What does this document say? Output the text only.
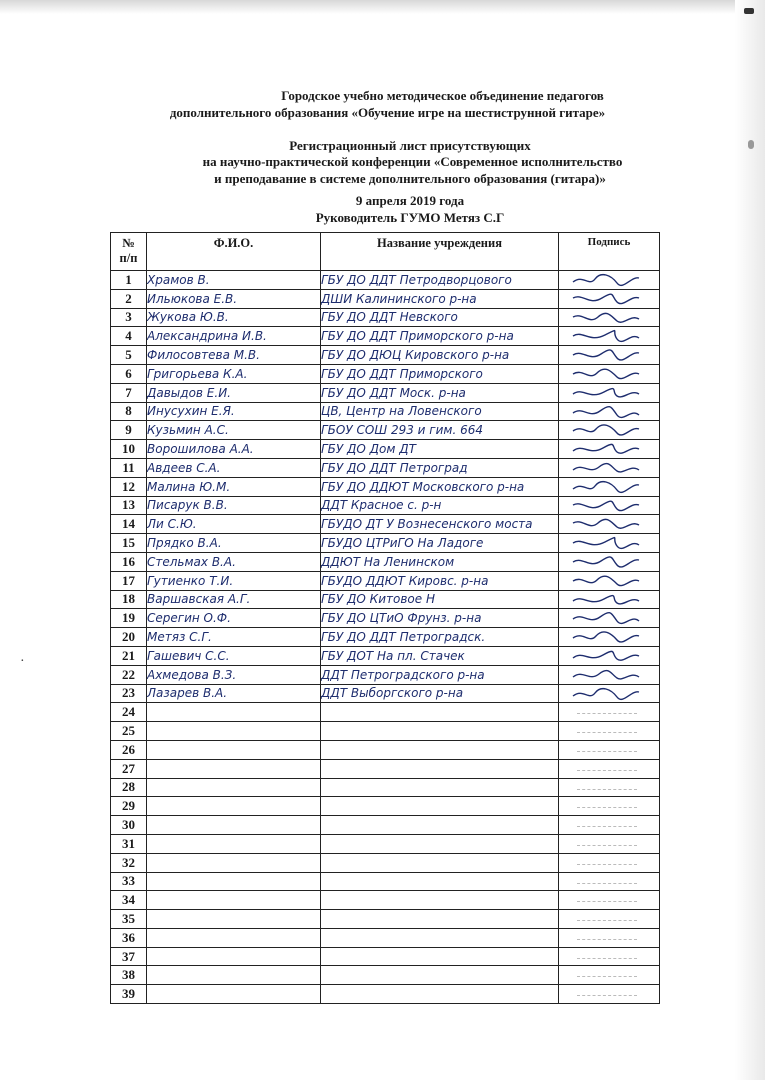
·
Городское учебно методическое объединение педагогов
дополнительного образования «Обучение игре на шестиструнной гитаре»
Регистрационный лист присутствующих
на научно-практической конференции «Современное исполнительство
и преподавание в системе дополнительного образования (гитара)»
9 апреля 2019 года
Руководитель ГУМО Метяз С.Г
№
п/п	Ф.И.О.	Название учреждения	Подпись
1	Храмов В.	ГБУ ДО ДДТ Петродворцового	

2	Ильюкова Е.В.	ДШИ Калининского р-на	

3	Жукова Ю.В.	ГБУ ДО ДДТ Невского	

4	Александрина И.В.	ГБУ ДО ДДТ Приморского р-на	

5	Филосовтева М.В.	ГБУ ДО ДЮЦ Кировского р-на	

6	Григорьева К.А.	ГБУ ДО ДДТ Приморского	

7	Давыдов Е.И.	ГБУ ДО ДДТ Моск. р-на	

8	Инусухин Е.Я.	ЦВ, Центр на Ловенского	

9	Кузьмин А.С.	ГБОУ СОШ 293 и гим. 664	

10	Ворошилова А.А.	ГБУ ДО Дом ДТ	

11	Авдеев С.А.	ГБУ ДО ДДТ Петроград	

12	Малина Ю.М.	ГБУ ДО ДДЮТ Московского р-на	

13	Писарук В.В.	ДДТ Красное с. р-н	

14	Ли С.Ю.	ГБУДО ДТ У Вознесенского моста	

15	Прядко В.А.	ГБУДО ЦТРиГО На Ладоге	

16	Стельмах В.А.	ДДЮТ На Ленинском	

17	Гутиенко Т.И.	ГБУДО ДДЮТ Кировс. р-на	

18	Варшавская А.Г.	ГБУ ДО Китовое Н	

19	Серегин О.Ф.	ГБУ ДО ЦТиО Фрунз. р-на	

20	Метяз С.Г.	ГБУ ДО ДДТ Петроградск.	

21	Гашевич С.С.	ГБУ ДОТ На пл. Стачек	

22	Ахмедова В.З.	ДДТ Петроградского р-на	

23	Лазарев В.А.	ДДТ Выборгского р-на	

24			

25			

26			

27			

28			

29			

30			

31			

32			

33			

34			

35			

36			

37			

38			

39			
